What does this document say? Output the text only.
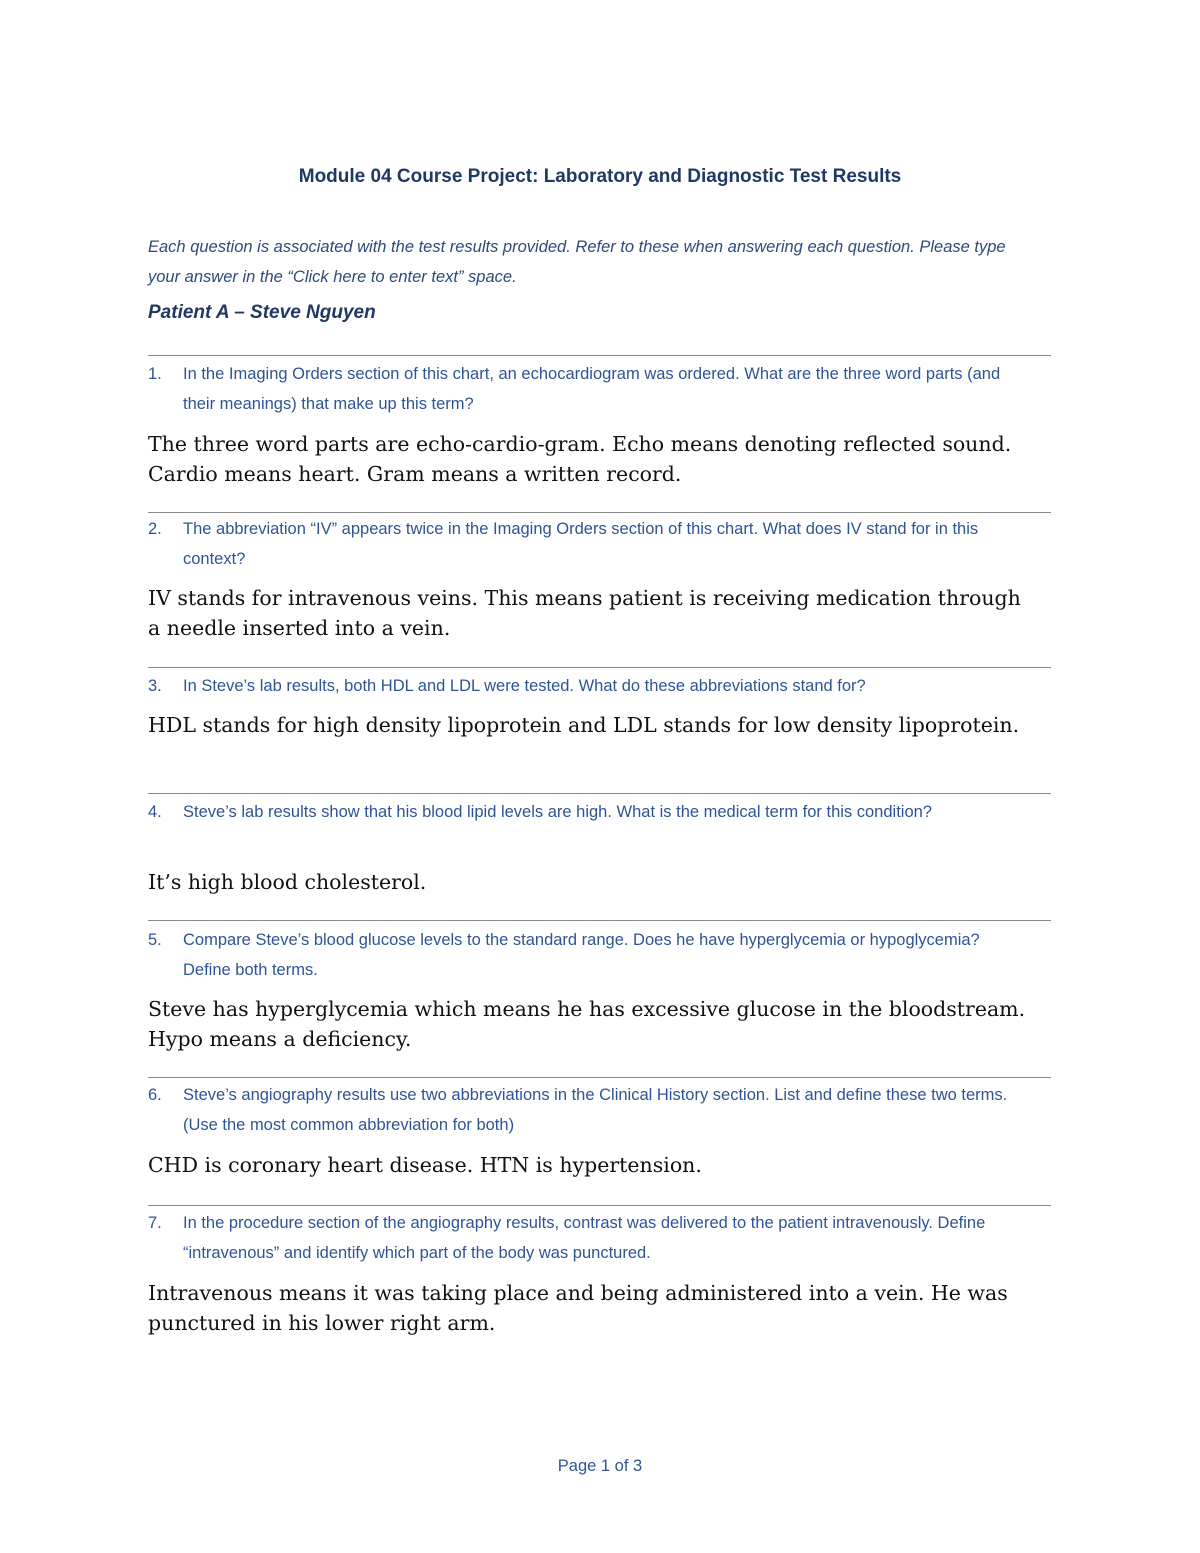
Module 04 Course Project: Laboratory and Diagnostic Test Results
Each question is associated with the test results provided. Refer to these when answering each question. Please type your answer in the “Click here to enter text” space.
Patient A – Steve Nguyen
1.	In the Imaging Orders section of this chart, an echocardiogram was ordered. What are the three word parts (and their meanings) that make up this term?
The three word parts are echo-cardio-gram. Echo means denoting reflected sound. Cardio means heart. Gram means a written record.
2.	The abbreviation “IV” appears twice in the Imaging Orders section of this chart. What does IV stand for in this context?
IV stands for intravenous veins. This means patient is receiving medication through a needle inserted into a vein.
3.	In Steve’s lab results, both HDL and LDL were tested. What do these abbreviations stand for?
HDL stands for high density lipoprotein and LDL stands for low density lipoprotein.
4.	Steve’s lab results show that his blood lipid levels are high. What is the medical term for this condition?
It’s high blood cholesterol.
5.	Compare Steve’s blood glucose levels to the standard range. Does he have hyperglycemia or hypoglycemia? Define both terms.
Steve has hyperglycemia which means he has excessive glucose in the bloodstream. Hypo means a deficiency.
6.	Steve’s angiography results use two abbreviations in the Clinical History section. List and define these two terms. (Use the most common abbreviation for both)
CHD is coronary heart disease. HTN is hypertension.
7.	In the procedure section of the angiography results, contrast was delivered to the patient intravenously. Define “intravenous” and identify which part of the body was punctured.
Intravenous means it was taking place and being administered into a vein. He was punctured in his lower right arm.
Page 1 of 3
